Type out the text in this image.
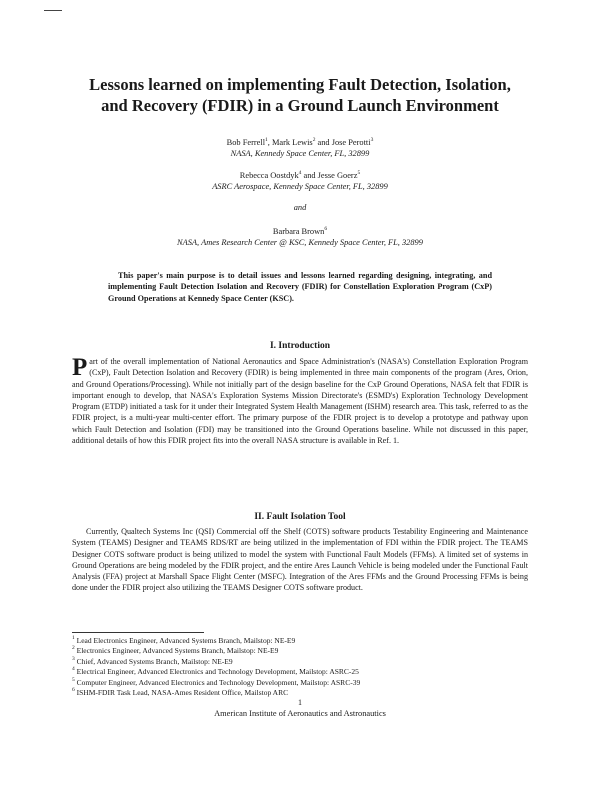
Lessons learned on implementing Fault Detection, Isolation,
and Recovery (FDIR) in a Ground Launch Environment
Bob Ferrell$^1$, Mark Lewis$^2$ and Jose Perotti$^3$
NASA, Kennedy Space Center, FL, 32899
Rebecca Oostdyk$^4$ and Jesse Goerz$^5$
ASRC Aerospace, Kennedy Space Center, FL, 32899
and
Barbara Brown$^6$
NASA, Ames Research Center @ KSC, Kennedy Space Center, FL, 32899
This paper's main purpose is to detail issues and lessons learned regarding designing, integrating, and implementing Fault Detection Isolation and Recovery (FDIR) for Constellation Exploration Program (CxP) Ground Operations at Kennedy Space Center (KSC).
I. Introduction
Part of the overall implementation of National Aeronautics and Space Administration's (NASA's) Constellation Exploration Program (CxP), Fault Detection Isolation and Recovery (FDIR) is being implemented in three main components of the program (Ares, Orion, and Ground Operations/Processing). While not initially part of the design baseline for the CxP Ground Operations, NASA felt that FDIR is important enough to develop, that NASA's Exploration Systems Mission Directorate's (ESMD's) Exploration Technology Development Program (ETDP) initiated a task for it under their Integrated System Health Management (ISHM) research area. This task, referred to as the FDIR project, is a multi-year multi-center effort. The primary purpose of the FDIR project is to develop a prototype and pathway upon which Fault Detection and Isolation (FDI) may be transitioned into the Ground Operations baseline. While not discussed in this paper, additional details of how this FDIR project fits into the overall NASA structure is available in Ref. 1.
II. Fault Isolation Tool
Currently, Qualtech Systems Inc (QSI) Commercial off the Shelf (COTS) software products Testability Engineering and Maintenance System (TEAMS) Designer and TEAMS RDS/RT are being utilized in the implementation of FDI within the FDIR project. The TEAMS Designer COTS software product is being utilized to model the system with Functional Fault Models (FFMs). A limited set of systems in Ground Operations are being modeled by the FDIR project, and the entire Ares Launch Vehicle is being modeled under the Functional Fault Analysis (FFA) project at Marshall Space Flight Center (MSFC). Integration of the Ares FFMs and the Ground Processing FFMs is being done under the FDIR project also utilizing the TEAMS Designer COTS software product.
$^1$ Lead Electronics Engineer, Advanced Systems Branch, Mailstop: NE-E9
$^2$ Electronics Engineer, Advanced Systems Branch, Mailstop: NE-E9
$^3$ Chief, Advanced Systems Branch, Mailstop: NE-E9
$^4$ Electrical Engineer, Advanced Electronics and Technology Development, Mailstop: ASRC-25
$^5$ Computer Engineer, Advanced Electronics and Technology Development, Mailstop: ASRC-39
$^6$ ISHM-FDIR Task Lead, NASA-Ames Resident Office, Mailstop ARC
1
American Institute of Aeronautics and Astronautics
